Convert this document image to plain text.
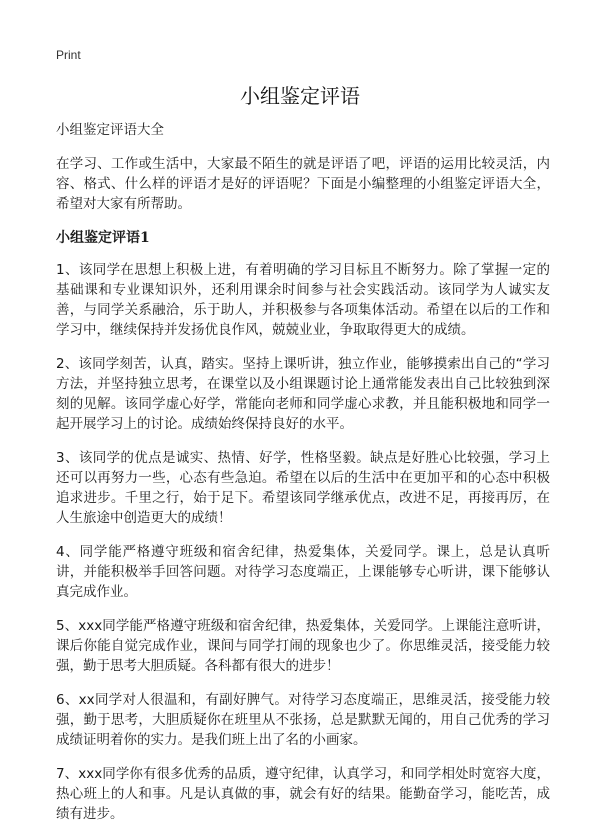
Print
小组鉴定评语

小组鉴定评语大全

在学习、工作或生活中，大家最不陌生的就是评语了吧，评语的运用比较灵活，内容、格式、什么样的评语才是好的评语呢？下面是小编整理的小组鉴定评语大全，希望对大家有所帮助。

小组鉴定评语1

1、该同学在思想上积极上进，有着明确的学习目标且不断努力。除了掌握一定的基础课和专业课知识外，还利用课余时间参与社会实践活动。该同学为人诚实友善，与同学关系融洽，乐于助人，并积极参与各项集体活动。希望在以后的工作和学习中，继续保持并发扬优良作风，兢兢业业，争取取得更大的成绩。

2、该同学刻苦，认真，踏实。坚持上课听讲，独立作业，能够摸索出自己的“学习方法，并坚持独立思考，在课堂以及小组课题讨论上通常能发表出自己比较独到深刻的见解。该同学虚心好学，常能向老师和同学虚心求教，并且能积极地和同学一起开展学习上的讨论。成绩始终保持良好的水平。

3、该同学的优点是诚实、热情、好学，性格坚毅。缺点是好胜心比较强，学习上还可以再努力一些，心态有些急迫。希望在以后的生活中在更加平和的心态中积极追求进步。千里之行，始于足下。希望该同学继承优点，改进不足，再接再厉，在人生旅途中创造更大的成绩！

4、同学能严格遵守班级和宿舍纪律，热爱集体，关爱同学。课上，总是认真听讲，并能积极举手回答问题。对待学习态度端正，上课能够专心听讲，课下能够认真完成作业。

5、xxx同学能严格遵守班级和宿舍纪律，热爱集体，关爱同学。上课能注意听讲，课后你能自觉完成作业，课间与同学打闹的现象也少了。你思维灵活，接受能力较强，勤于思考大胆质疑。各科都有很大的进步！

6、xx同学对人很温和，有副好脾气。对待学习态度端正，思维灵活，接受能力较强，勤于思考，大胆质疑你在班里从不张扬，总是默默无闻的，用自己优秀的学习成绩证明着你的实力。是我们班上出了名的小画家。

7、xxx同学你有很多优秀的品质，遵守纪律，认真学习，和同学相处时宽容大度，热心班上的人和事。凡是认真做的事，就会有好的结果。能勤奋学习，能吃苦，成绩有进步。
